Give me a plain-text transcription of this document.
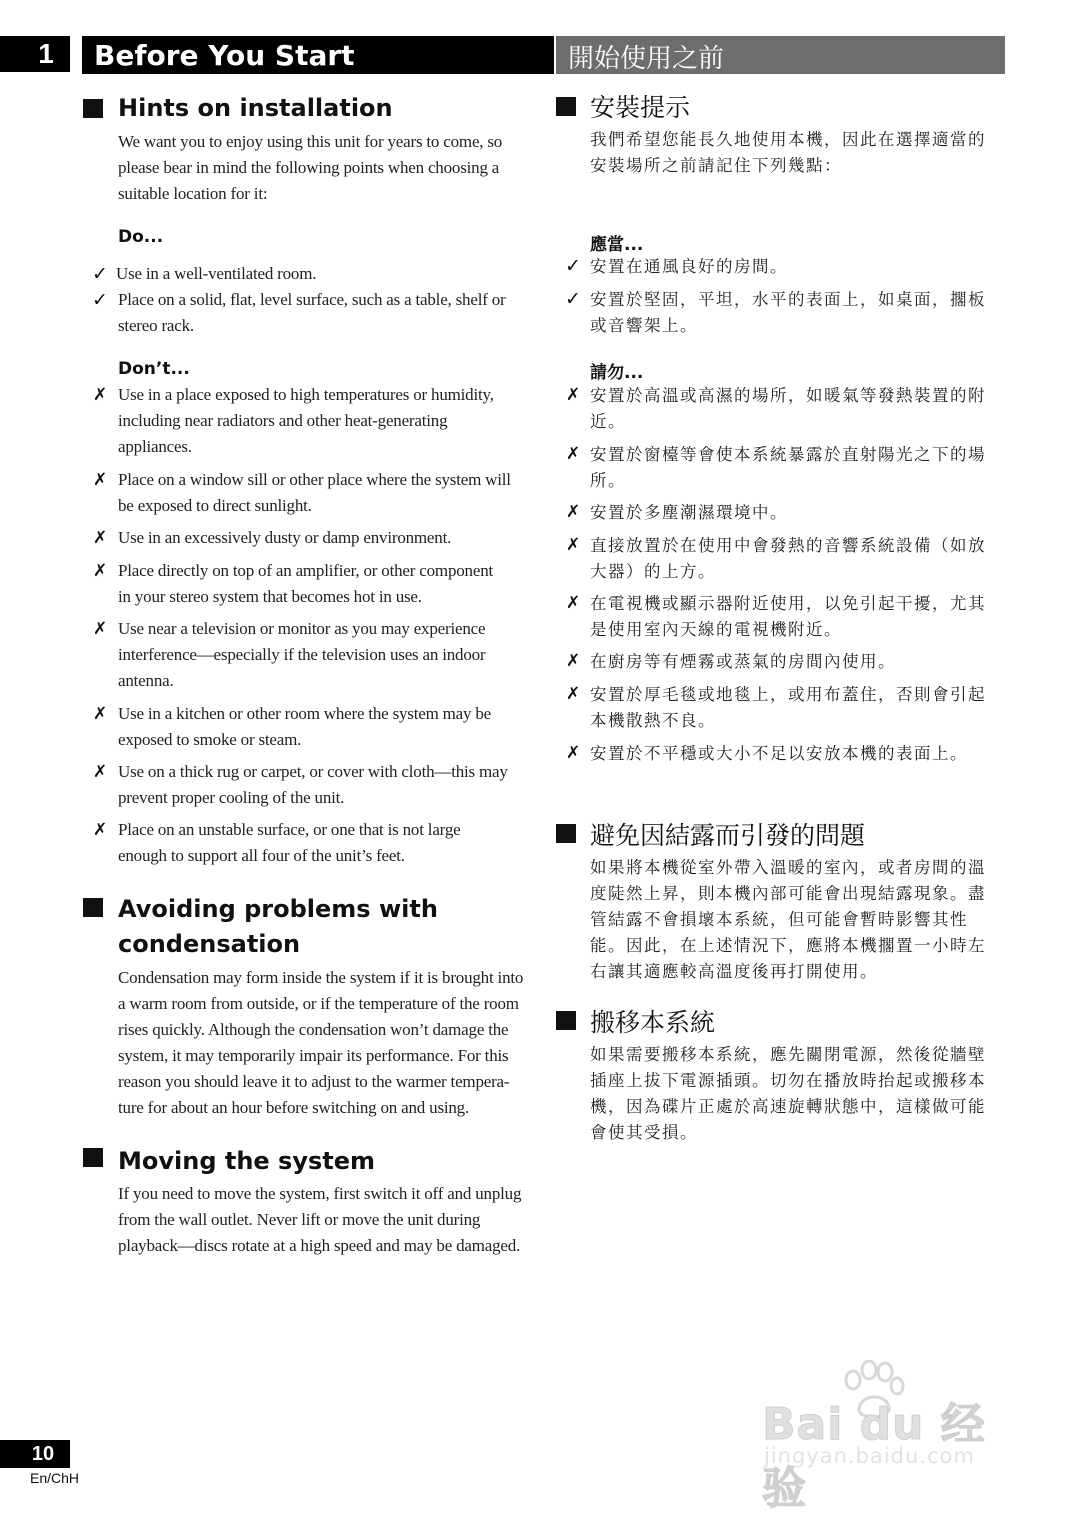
1	Before You Start	開始使用之前
Hints on installation
We want you to enjoy using this unit for years to come, so
please bear in mind the following points when choosing a
suitable location for it:
Do...
✓ Use in a well-ventilated room.
✓ Place on a solid, flat, level surface, such as a table, shelf or
stereo rack.
Don’t...
✗ Use in a place exposed to high temperatures or humidity,
including near radiators and other heat-generating
appliances.
✗ Place on a window sill or other place where the system will
be exposed to direct sunlight.
✗ Use in an excessively dusty or damp environment.
✗ Place directly on top of an amplifier, or other component
in your stereo system that becomes hot in use.
✗ Use near a television or monitor as you may experience
interference—especially if the television uses an indoor
antenna.
✗ Use in a kitchen or other room where the system may be
exposed to smoke or steam.
✗ Use on a thick rug or carpet, or cover with cloth—this may
prevent proper cooling of the unit.
✗ Place on an unstable surface, or one that is not large
enough to support all four of the unit’s feet.
Avoiding problems with
condensation
Condensation may form inside the system if it is brought into
a warm room from outside, or if the temperature of the room
rises quickly. Although the condensation won’t damage the
system, it may temporarily impair its performance. For this
reason you should leave it to adjust to the warmer tempera-
ture for about an hour before switching on and using.
Moving the system
If you need to move the system, first switch it off and unplug
from the wall outlet. Never lift or move the unit during
playback—discs rotate at a high speed and may be damaged.
安裝提示
我們希望您能長久地使用本機，因此在選擇適當的
安裝場所之前請記住下列幾點：
應當...
✓ 安置在通風良好的房間。
✓ 安置於堅固，平坦，水平的表面上，如桌面，擱板
或音響架上。
請勿...
✗ 安置於高溫或高濕的場所，如暖氣等發熱裝置的附
近。
✗ 安置於窗檯等會使本系統暴露於直射陽光之下的場
所。
✗ 安置於多塵潮濕環境中。
✗ 直接放置於在使用中會發熱的音響系統設備（如放
大器）的上方。
✗ 在電視機或顯示器附近使用，以免引起干擾，尤其
是使用室內天線的電視機附近。
✗ 在廚房等有煙霧或蒸氣的房間內使用。
✗ 安置於厚毛毯或地毯上，或用布蓋住，否則會引起
本機散熱不良。
✗ 安置於不平穩或大小不足以安放本機的表面上。
避免因結露而引發的問題
如果將本機從室外帶入溫暖的室內，或者房間的溫
度陡然上昇，則本機內部可能會出現結露現象。盡
管結露不會損壞本系統，但可能會暫時影響其性
能。因此，在上述情況下，應將本機擱置一小時左
右讓其適應較高溫度後再打開使用。
搬移本系統
如果需要搬移本系統，應先關閉電源，然後從牆壁
插座上拔下電源插頭。切勿在播放時抬起或搬移本
機，因為碟片正處於高速旋轉狀態中，這樣做可能
會使其受損。
10
En/ChH
Bai du 经验
jingyan.baidu.com
